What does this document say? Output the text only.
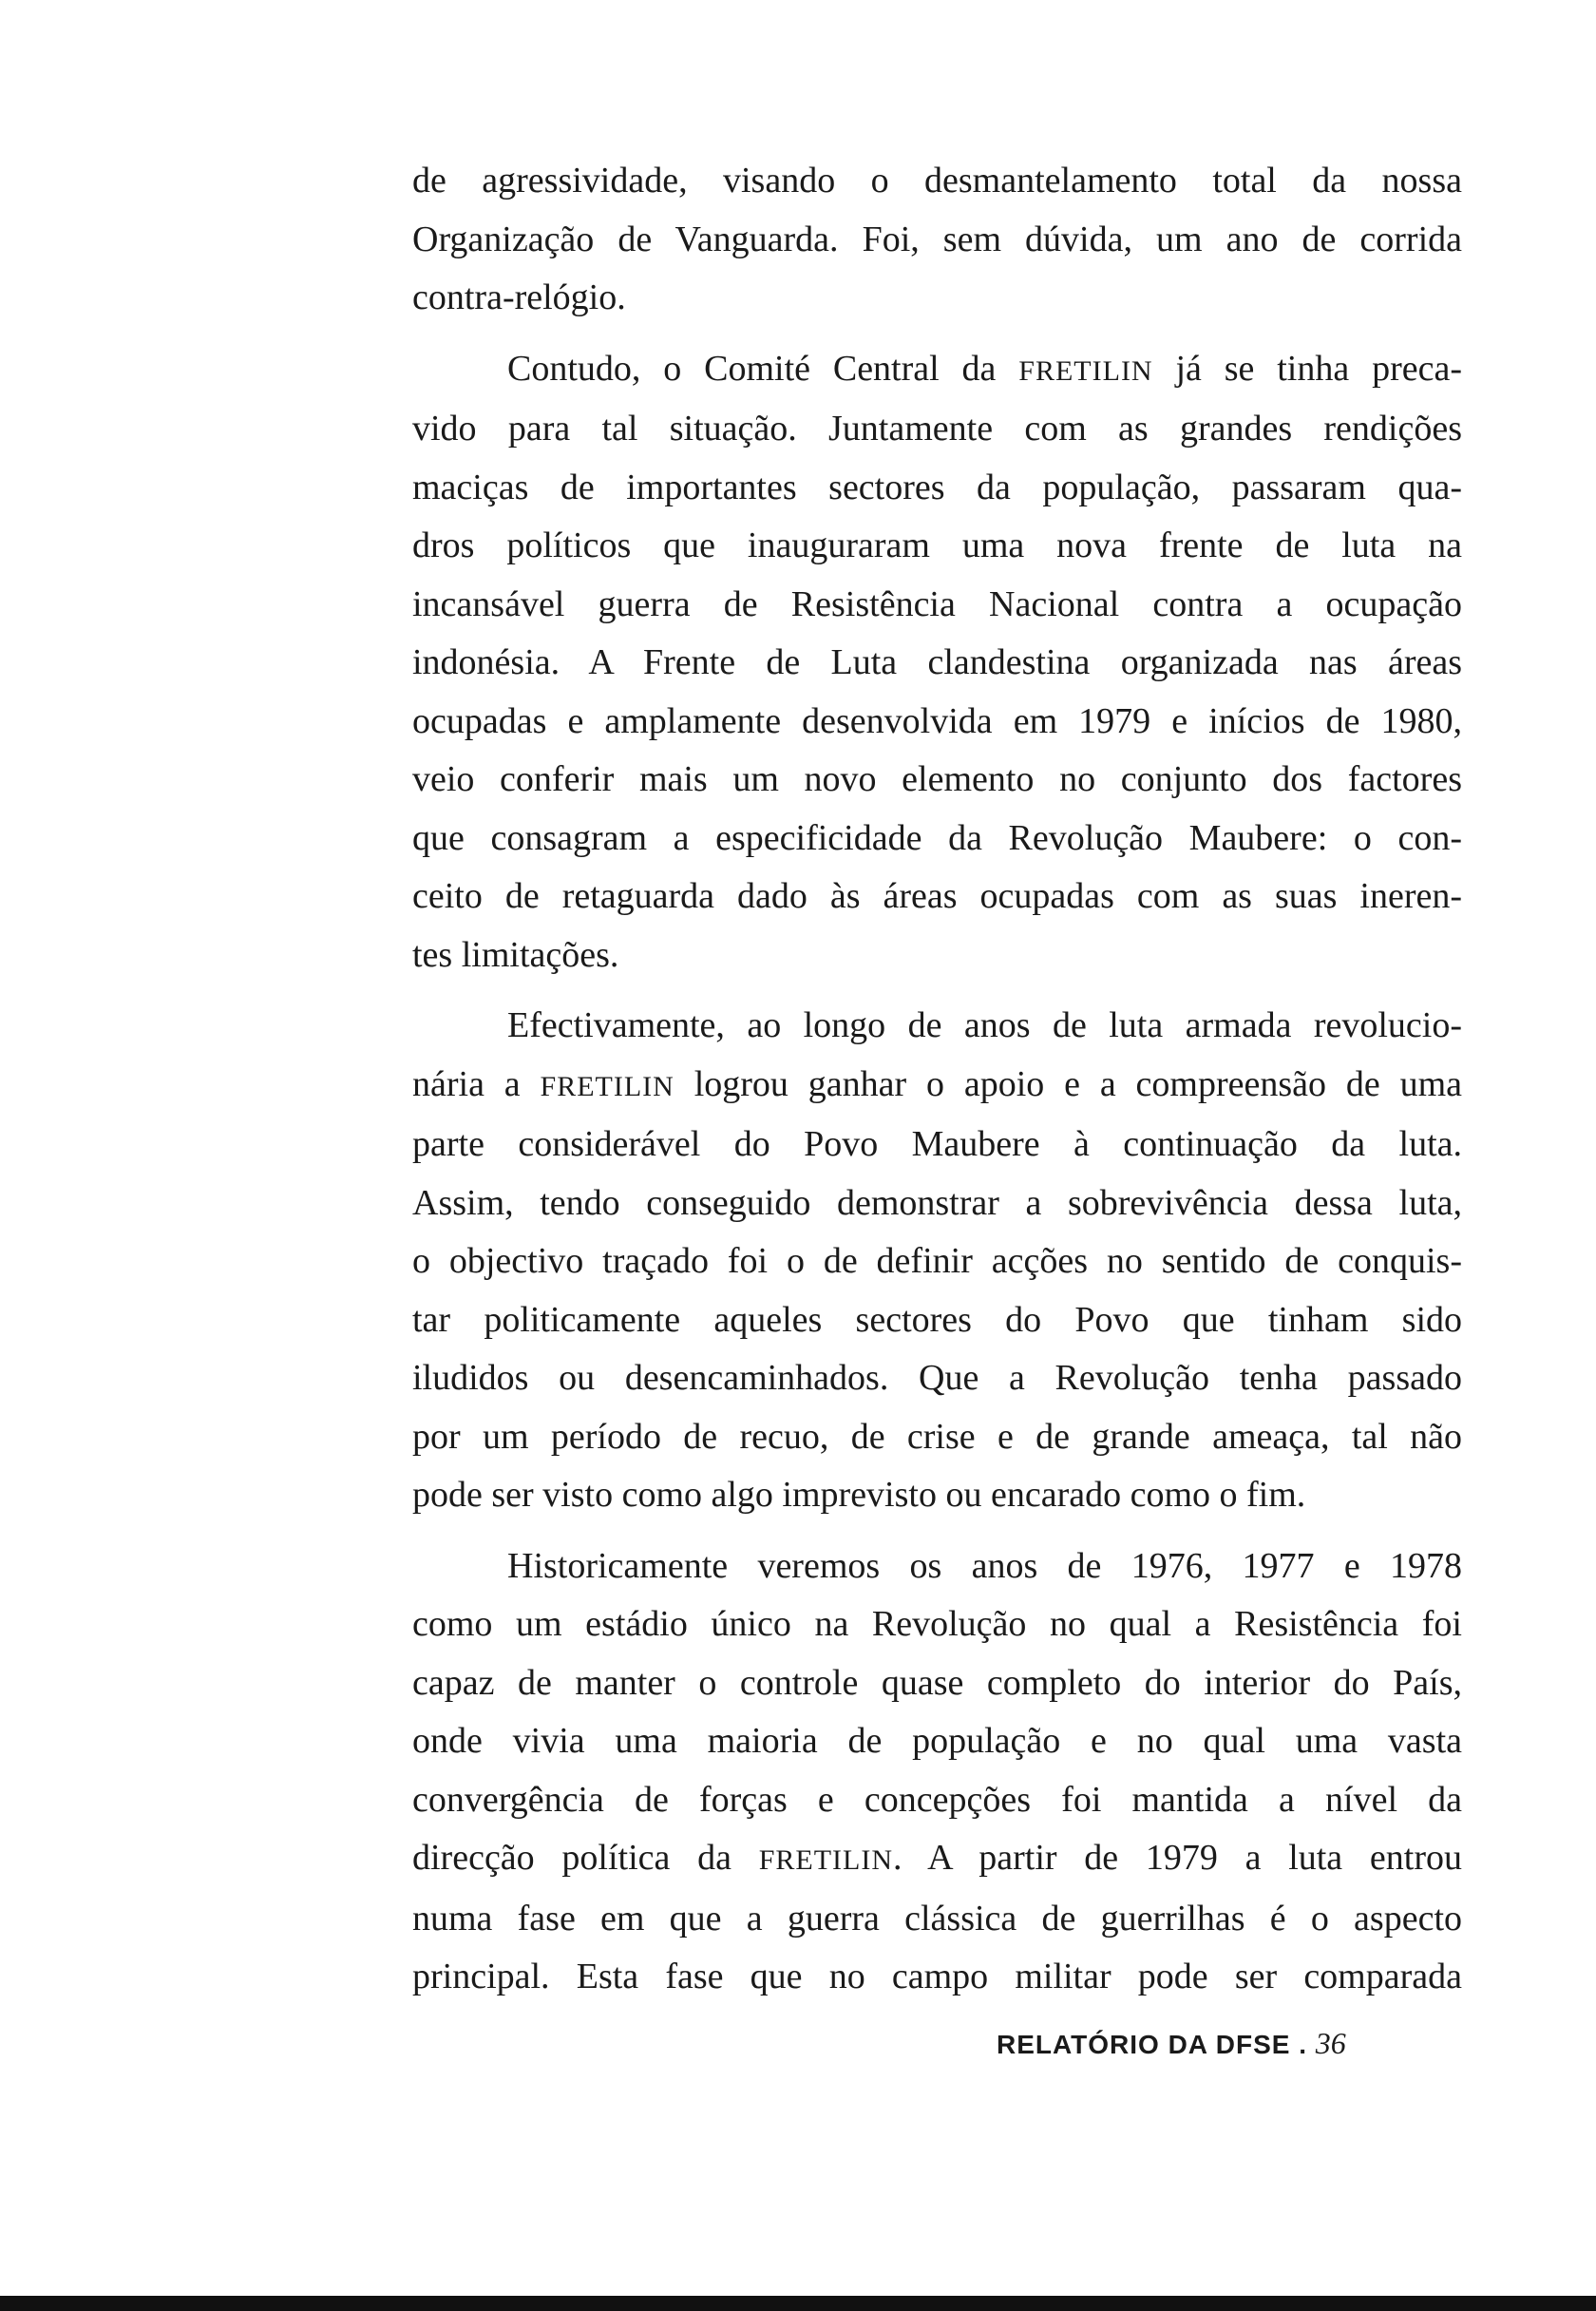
de agressividade, visando o desmantelamento total da nossa
Organização de Vanguarda. Foi, sem dúvida, um ano de corrida
contra-relógio.

Contudo, o Comité Central da FRETILIN já se tinha preca-
vido para tal situação. Juntamente com as grandes rendições
maciças de importantes sectores da população, passaram qua-
dros políticos que inauguraram uma nova frente de luta na
incansável guerra de Resistência Nacional contra a ocupação
indonésia. A Frente de Luta clandestina organizada nas áreas
ocupadas e amplamente desenvolvida em 1979 e inícios de 1980,
veio conferir mais um novo elemento no conjunto dos factores
que consagram a especificidade da Revolução Maubere: o con-
ceito de retaguarda dado às áreas ocupadas com as suas ineren-
tes limitações.

Efectivamente, ao longo de anos de luta armada revolucio-
nária a FRETILIN logrou ganhar o apoio e a compreensão de uma
parte considerável do Povo Maubere à continuação da luta.
Assim, tendo conseguido demonstrar a sobrevivência dessa luta,
o objectivo traçado foi o de definir acções no sentido de conquis-
tar politicamente aqueles sectores do Povo que tinham sido
iludidos ou desencaminhados. Que a Revolução tenha passado
por um período de recuo, de crise e de grande ameaça, tal não
pode ser visto como algo imprevisto ou encarado como o fim.

Historicamente veremos os anos de 1976, 1977 e 1978
como um estádio único na Revolução no qual a Resistência foi
capaz de manter o controle quase completo do interior do País,
onde vivia uma maioria de população e no qual uma vasta
convergência de forças e concepções foi mantida a nível da
direcção política da FRETILIN. A partir de 1979 a luta entrou
numa fase em que a guerra clássica de guerrilhas é o aspecto
principal. Esta fase que no campo militar pode ser comparada

RELATÓRIO DA DFSE . 36
